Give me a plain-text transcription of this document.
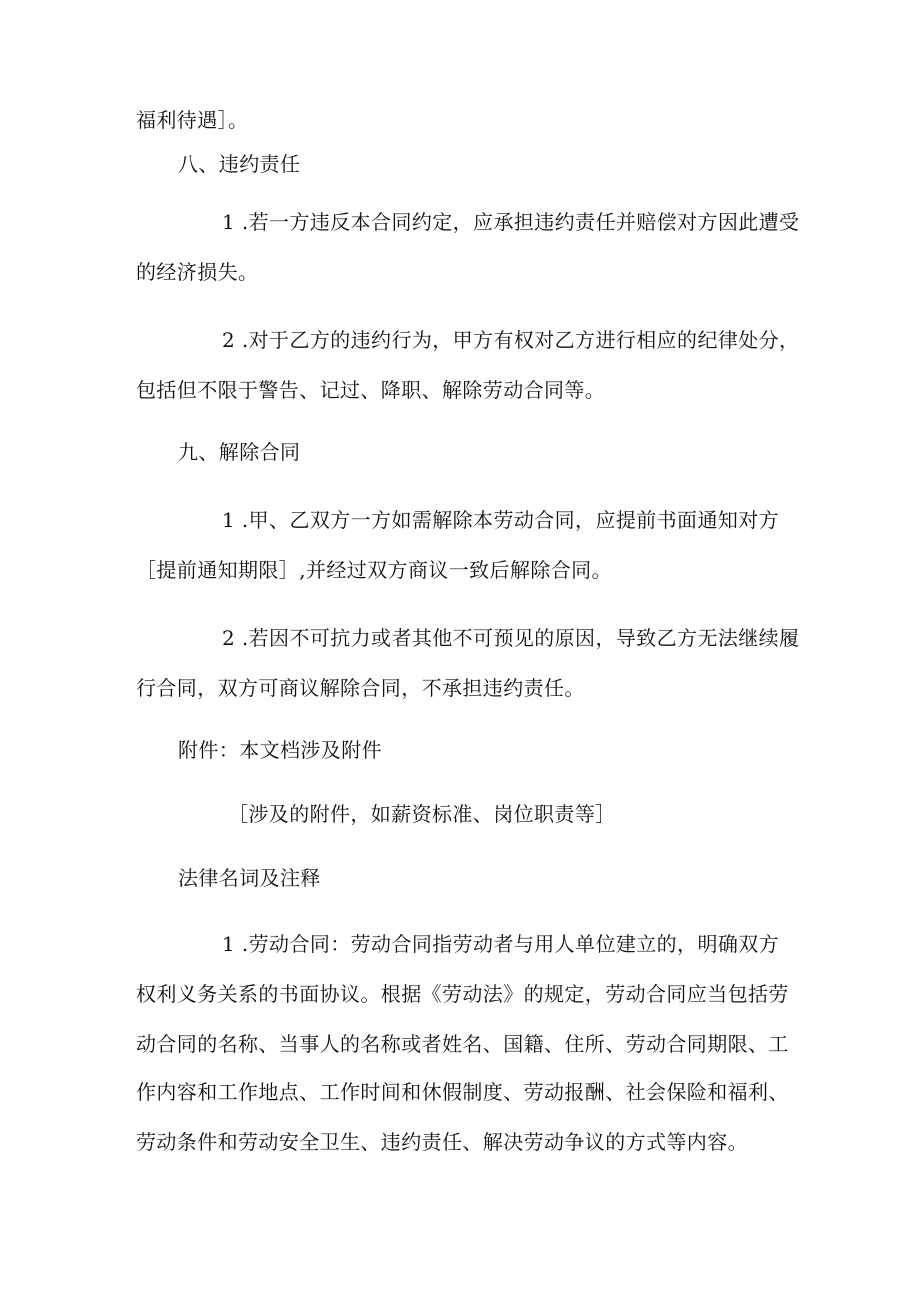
福利待遇］。
八、违约责任
1 .若一方违反本合同约定，应承担违约责任并赔偿对方因此遭受
的经济损失。
2 .对于乙方的违约行为，甲方有权对乙方进行相应的纪律处分，
包括但不限于警告、记过、降职、解除劳动合同等。
九、解除合同
1 .甲、乙双方一方如需解除本劳动合同，应提前书面通知对方
［提前通知期限］,并经过双方商议一致后解除合同。
2 .若因不可抗力或者其他不可预见的原因，导致乙方无法继续履
行合同，双方可商议解除合同，不承担违约责任。
附件：本文档涉及附件
［涉及的附件，如薪资标准、岗位职责等］
法律名词及注释
1 .劳动合同：劳动合同指劳动者与用人单位建立的，明确双方
权利义务关系的书面协议。根据《劳动法》的规定，劳动合同应当包括劳
动合同的名称、当事人的名称或者姓名、国籍、住所、劳动合同期限、工
作内容和工作地点、工作时间和休假制度、劳动报酬、社会保险和福利、
劳动条件和劳动安全卫生、违约责任、解决劳动争议的方式等内容。
